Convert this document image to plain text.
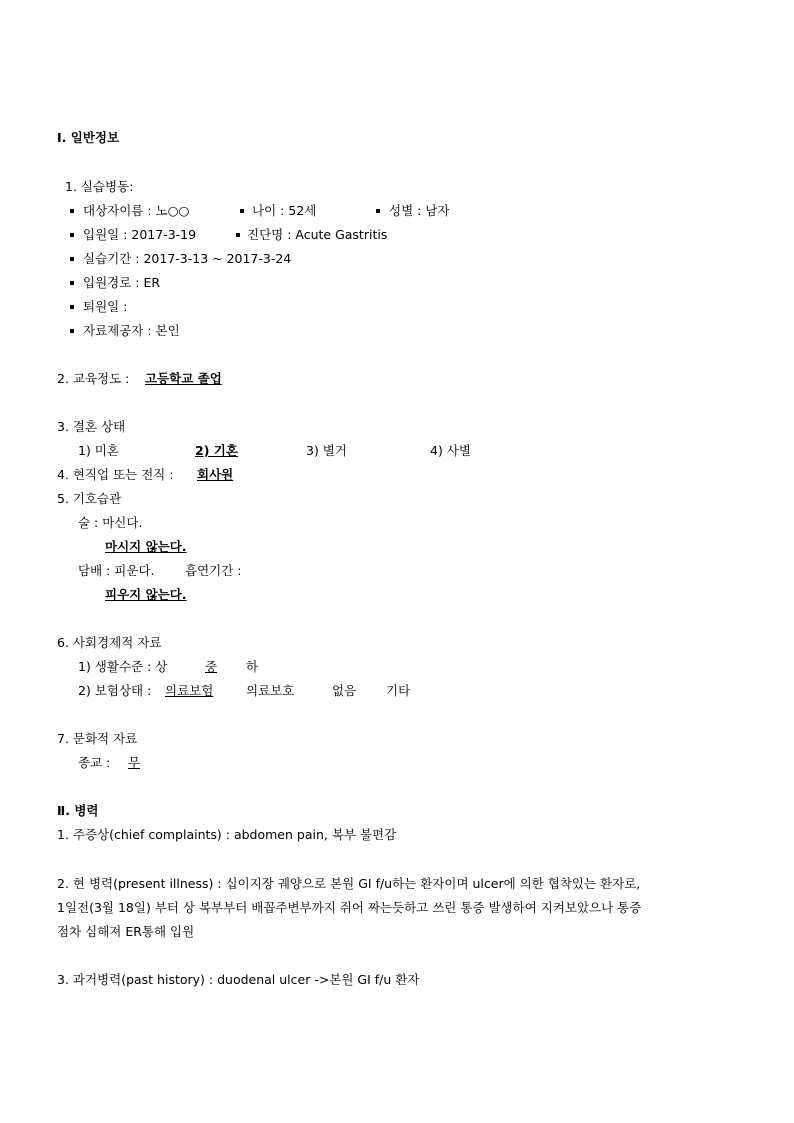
Ⅰ. 일반정보
1. 실습병동:
대상자이름 : 노○○	나이 : 52세	성별 : 남자
입원일 : 2017-3-19	진단명 : Acute Gastritis
실습기간 : 2017-3-13 ~ 2017-3-24
입원경로 : ER
퇴원일 :
자료제공자 : 본인
2. 교육정도 : 고등학교 졸업
3. 결혼 상태
1) 미혼	2) 기혼	3) 별거	4) 사별
4. 현직업 또는 전직 : 회사원
5. 기호습관
술 : 마신다.
마시지 않는다.
담배 : 피운다. 흡연기간 :
피우지 않는다.
6. 사회경제적 자료
1) 생활수준 : 상	중 하
2) 보험상태 : 의료보험	의료보호	없음 기타
7. 문화적 자료
종교 : 무
Ⅱ. 병력
1. 주증상(chief complaints) : abdomen pain, 복부 불편감
2. 현 병력(present illness) : 십이지장 궤양으로 본원 GI f/u하는 환자이며 ulcer에 의한 협착있는 환자로,
1일전(3월 18일) 부터 상 복부부터 배꼽주변부까지 쥐어 짜는듯하고 쓰린 통증 발생하여 지켜보았으나 통증
점차 심해져 ER통해 입원
3. 과거병력(past history) : duodenal ulcer ->본원 GI f/u 환자
